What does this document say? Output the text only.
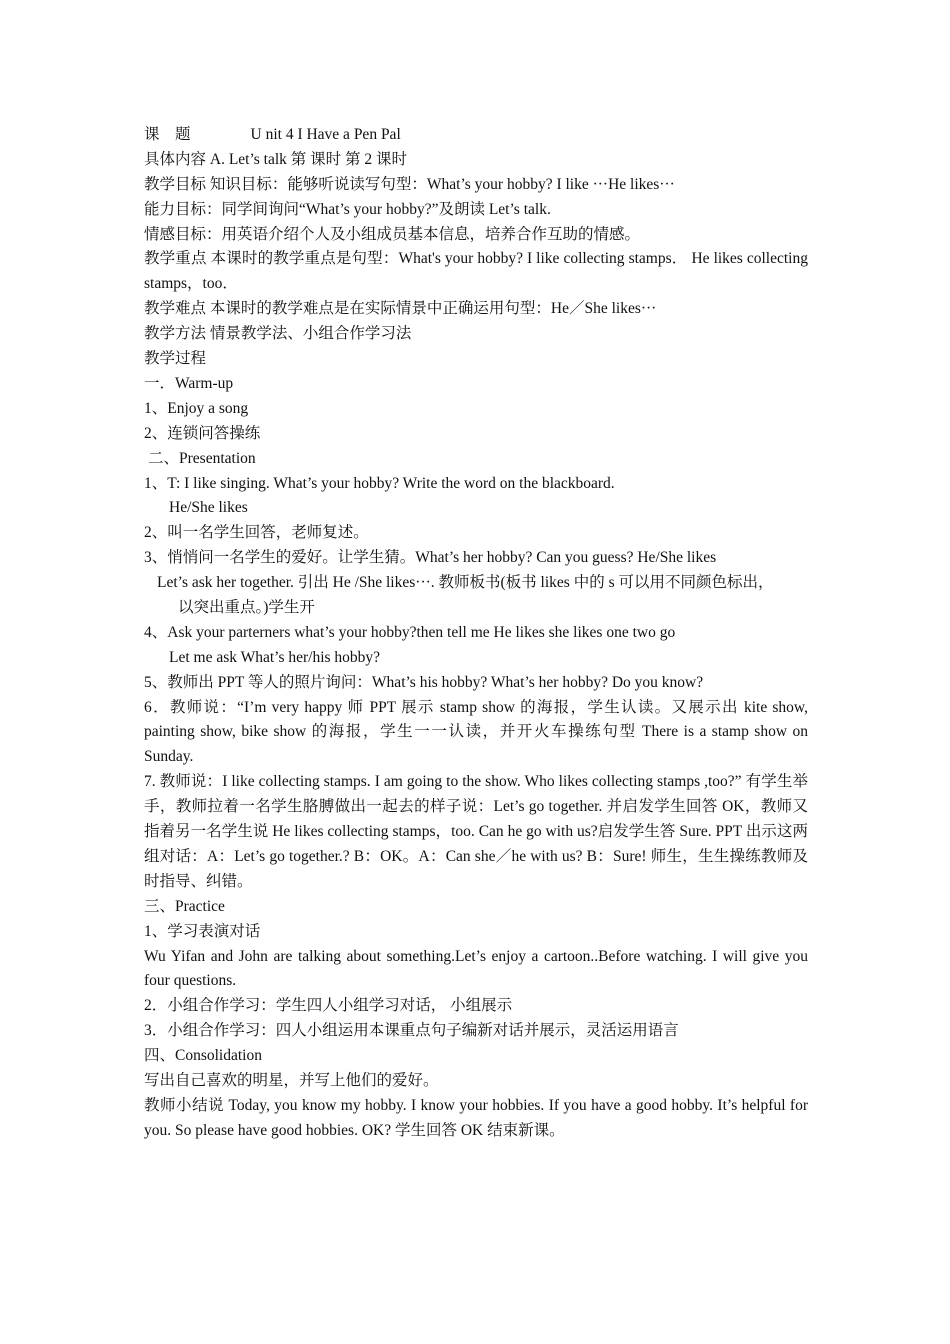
课　题	U nit 4 I Have a Pen Pal
具体内容 A. Let’s talk 第 课时 第 2 课时
教学目标 知识目标：能够听说读写句型：What’s your hobby? I like ···He likes···
能力目标：同学间询问“What’s your hobby?”及朗读 Let’s talk.
情感目标：用英语介绍个人及小组成员基本信息，培养合作互助的情感。
教学重点 本课时的教学重点是句型：What's your hobby? I like collecting stamps． He likes collecting stamps，too．
教学难点 本课时的教学难点是在实际情景中正确运用句型：He／She likes···
教学方法 情景教学法、小组合作学习法
教学过程
一．Warm-up
1、Enjoy a song
2、连锁问答操练
二、Presentation
1、T: I like singing. What’s your hobby? Write the word on the blackboard.
He/She likes
2、叫一名学生回答，老师复述。
3、悄悄问一名学生的爱好。让学生猜。What’s her hobby? Can you guess? He/She likes
Let’s ask her together. 引出 He /She likes···. 教师板书(板书 likes 中的 s 可以用不同颜色标出，
以突出重点。)学生开
4、Ask your parterners what’s your hobby?then tell me He likes she likes one two go
Let me ask What’s her/his hobby?
5、教师出 PPT 等人的照片询问：What’s his hobby? What’s her hobby? Do you know?
6．教师说：“I’m very happy 师 PPT 展示 stamp show 的海报，学生认读。又展示出 kite show, painting show, bike show 的海报，学生一一认读，并开火车操练句型 There is a stamp show on Sunday.
7. 教师说：I like collecting stamps. I am going to the show. Who likes collecting stamps ,too?” 有学生举手，教师拉着一名学生胳膊做出一起去的样子说：Let’s go together. 并启发学生回答 OK，教师又指着另一名学生说 He likes collecting stamps，too. Can he go with us?启发学生答 Sure. PPT 出示这两组对话：A：Let’s go together.? B：OK。A：Can she／he with us? B：Sure! 师生，生生操练教师及时指导、纠错。
三、Practice
1、学习表演对话
Wu Yifan and John are talking about something.Let’s enjoy a cartoon..Before watching. I will give you four questions.
2．小组合作学习：学生四人小组学习对话， 小组展示
3．小组合作学习：四人小组运用本课重点句子编新对话并展示，灵活运用语言
四、Consolidation
写出自己喜欢的明星，并写上他们的爱好。
教师小结说 Today, you know my hobby. I know your hobbies. If you have a good hobby. It’s helpful for you. So please have good hobbies. OK? 学生回答 OK 结束新课。
